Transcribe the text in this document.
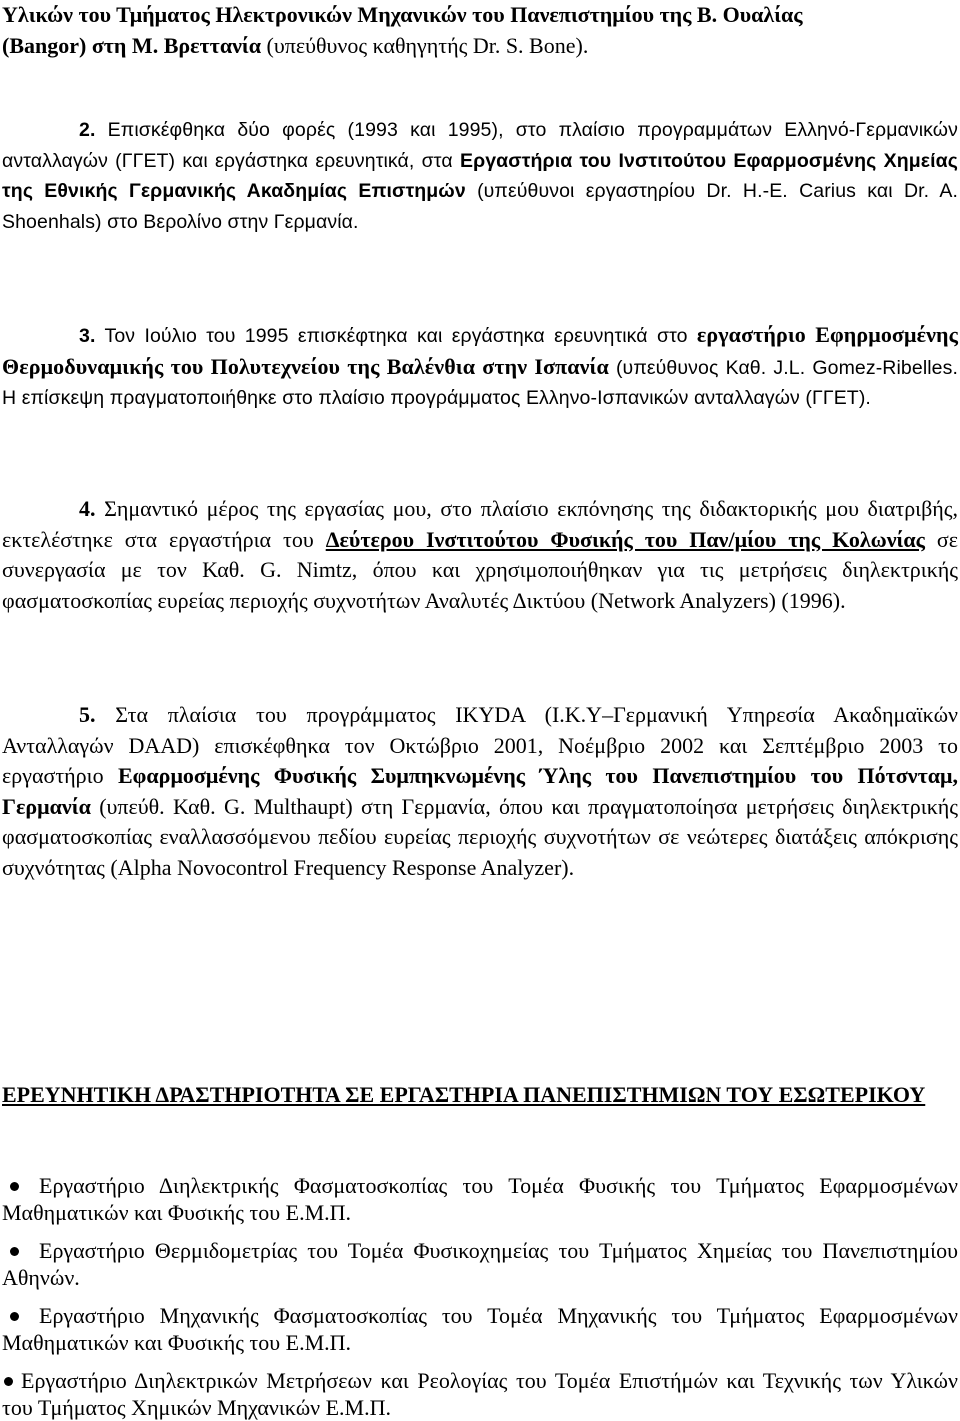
Υλικών του Τμήματος Ηλεκτρονικών Μηχανικών του Πανεπιστημίου της Β. Ουαλίας
(Bangor) στη Μ. Βρεττανία (υπεύθυνος καθηγητής Dr. S. Bone).

2. Επισκέφθηκα δύο φορές (1993 και 1995), στο πλαίσιο προγραμμάτων Ελληνό-Γερμανικών ανταλλαγών (ΓΓΕΤ) και εργάστηκα ερευνητικά, στα Εργαστήρια του Ινστιτούτου Εφαρμοσμένης Χημείας της Εθνικής Γερμανικής Ακαδημίας Επιστημών (υπεύθυνοι εργαστηρίου Dr. H.-E. Carius και Dr. A. Shoenhals) στο Βερολίνο στην Γερμανία.

3. Τον Ιούλιο του 1995 επισκέφτηκα και εργάστηκα ερευνητικά στο εργαστήριο Εφηρμοσμένης Θερμοδυναμικής του Πολυτεχνείου της Βαλένθια στην Ισπανία (υπεύθυνος Καθ. J.L. Gomez-Ribelles. Η επίσκεψη πραγματοποιήθηκε στο πλαίσιο προγράμματος Ελληνο-Ισπανικών ανταλλαγών (ΓΓΕΤ).

4. Σημαντικό μέρος της εργασίας μου, στο πλαίσιο εκπόνησης της διδακτορικής μου διατριβής, εκτελέστηκε στα εργαστήρια του Δεύτερου Ινστιτούτου Φυσικής του Παν/μίου της Κολωνίας σε συνεργασία με τον Καθ. G. Nimtz, όπου και χρησιμοποιήθηκαν για τις μετρήσεις διηλεκτρικής φασματοσκοπίας ευρείας περιοχής συχνοτήτων Αναλυτές Δικτύου (Network Analyzers) (1996).

5. Στα πλαίσια του προγράμματος IKYDA (Ι.Κ.Υ–Γερμανική Υπηρεσία Ακαδημαϊκών Ανταλλαγών DAAD) επισκέφθηκα τον Οκτώβριο 2001, Νοέμβριο 2002 και Σεπτέμβριο 2003 το εργαστήριο Εφαρμοσμένης Φυσικής Συμπηκνωμένης Ύλης του Πανεπιστημίου του Πότσνταμ, Γερμανία (υπεύθ. Καθ. G. Multhaupt) στη Γερμανία, όπου και πραγματοποίησα μετρήσεις διηλεκτρικής φασματοσκοπίας εναλλασσόμενου πεδίου ευρείας περιοχής συχνοτήτων σε νεώτερες διατάξεις απόκρισης συχνότητας (Alpha Novocontrol Frequency Response Analyzer).

ΕΡΕΥΝΗΤΙΚΗ ΔΡΑΣΤΗΡΙΟΤΗΤΑ ΣΕ ΕΡΓΑΣΤΗΡΙΑ ΠΑΝΕΠΙΣΤΗΜΙΩΝ ΤΟΥ ΕΣΩΤΕΡΙΚΟΥ
Εργαστήριο Διηλεκτρικής Φασματοσκοπίας του Τομέα Φυσικής του Τμήματος Εφαρμοσμένων Μαθηματικών και Φυσικής του Ε.Μ.Π.
Εργαστήριο Θερμιδομετρίας του Τομέα Φυσικοχημείας του Τμήματος Χημείας του Πανεπιστημίου Αθηνών.
Εργαστήριο Μηχανικής Φασματοσκοπίας του Τομέα Μηχανικής του Τμήματος Εφαρμοσμένων Μαθηματικών και Φυσικής του Ε.Μ.Π.
Εργαστήριο Διηλεκτρικών Μετρήσεων και Ρεολογίας του Τομέα Επιστήμών και Τεχνικής των Υλικών του Τμήματος Χημικών Μηχανικών Ε.Μ.Π.
